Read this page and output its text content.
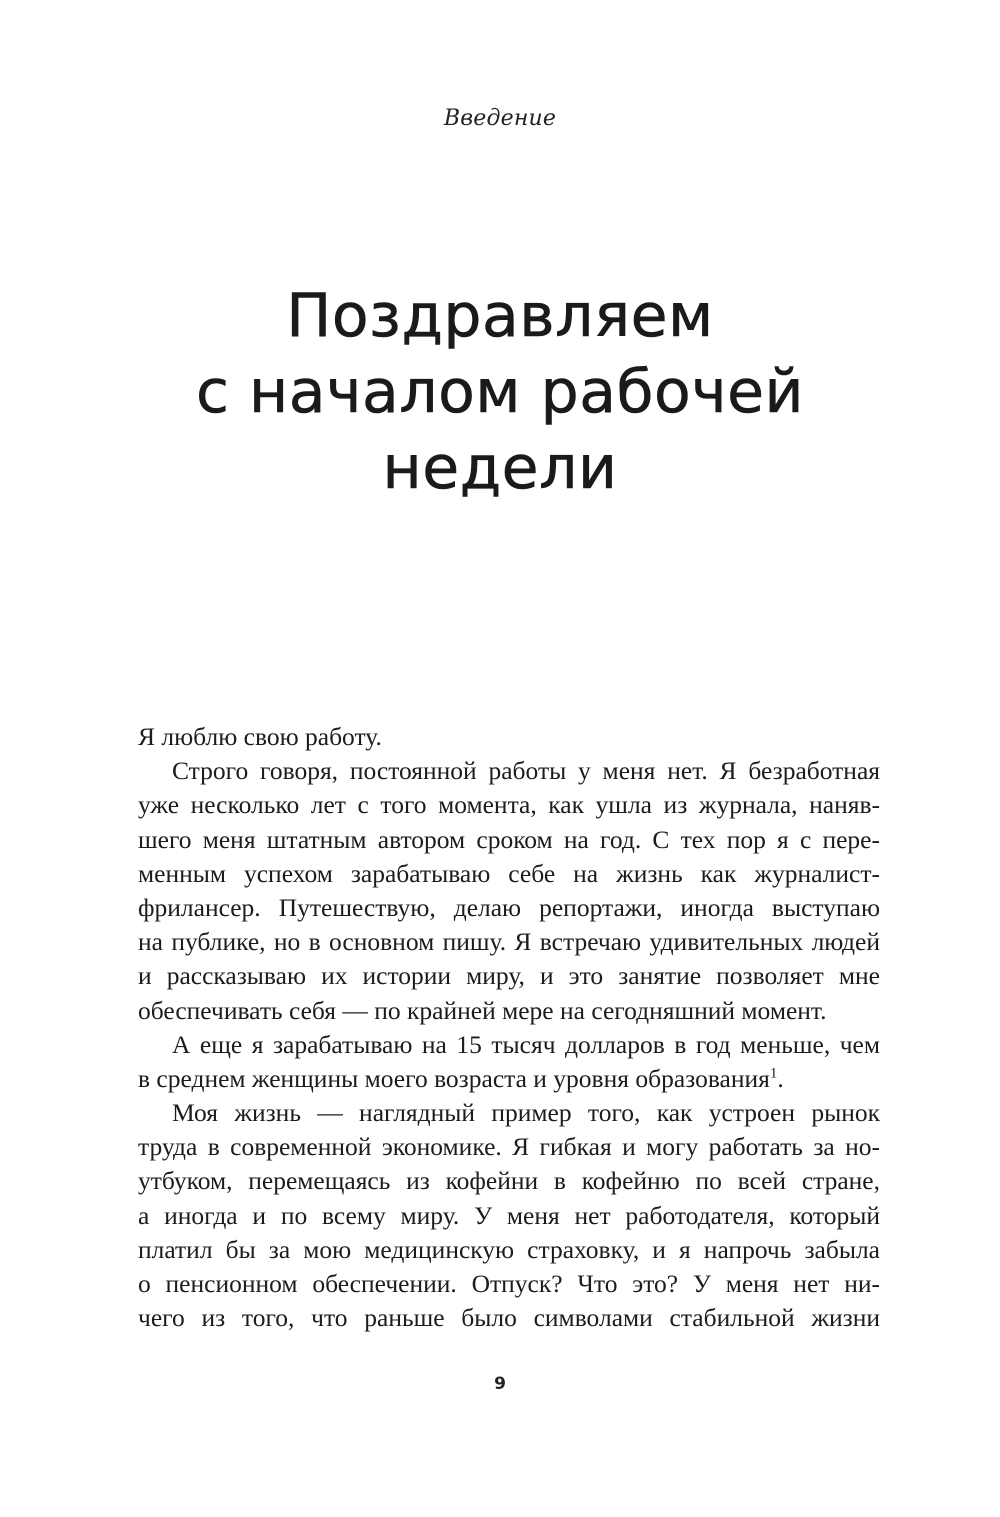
Введение
Поздравляем
с началом рабочей
недели
Я люблю свою работу.
Строго говоря, постоянной работы у меня нет. Я безработная
уже несколько лет с того момента, как ушла из журнала, наняв-
шего меня штатным автором сроком на год. С тех пор я с пере-
менным успехом зарабатываю себе на жизнь как журналист-
фрилансер. Путешествую, делаю репортажи, иногда выступаю
на публике, но в основном пишу. Я встречаю удивительных людей
и рассказываю их истории миру, и это занятие позволяет мне
обеспечивать себя — по крайней мере на сегодняшний момент.
А еще я зарабатываю на 15 тысяч долларов в год меньше, чем
в среднем женщины моего возраста и уровня образования$^1$.
Моя жизнь — наглядный пример того, как устроен рынок
труда в современной экономике. Я гибкая и могу работать за но-
утбуком, перемещаясь из кофейни в кофейню по всей стране,
а иногда и по всему миру. У меня нет работодателя, который
платил бы за мою медицинскую страховку, и я напрочь забыла
о пенсионном обеспечении. Отпуск? Что это? У меня нет ни-
чего из того, что раньше было символами стабильной жизни
9
